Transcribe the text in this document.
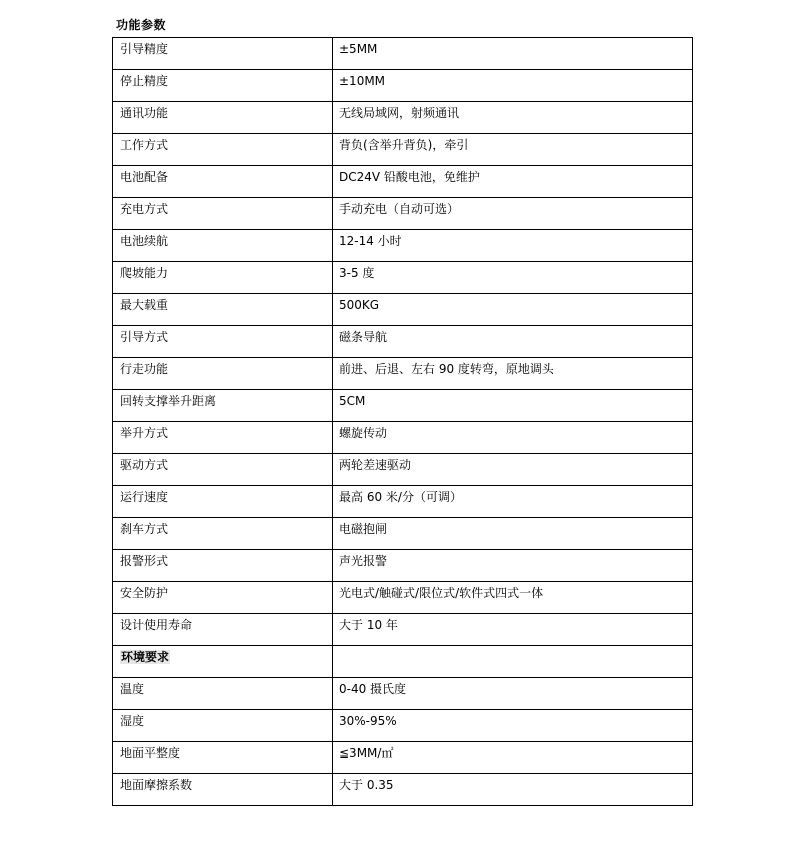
功能参数
引导精度	±5MM
停止精度	±10MM
通讯功能	无线局域网，射频通讯
工作方式	背负(含举升背负)，牵引
电池配备	DC24V 铅酸电池，免维护
充电方式	手动充电（自动可选）
电池续航	12-14 小时
爬坡能力	3-5 度
最大载重	500KG
引导方式	磁条导航
行走功能	前进、后退、左右 90 度转弯，原地调头
回转支撑举升距离	5CM
举升方式	螺旋传动
驱动方式	两轮差速驱动
运行速度	最高 60 米/分（可调）
刹车方式	电磁抱闸
报警形式	声光报警
安全防护	光电式/触碰式/限位式/软件式四式一体
设计使用寿命	大于 10 年
环境要求	
温度	0-40 摄氏度
湿度	30%-95%
地面平整度	≦3MM/㎡
地面摩擦系数	大于 0.35
